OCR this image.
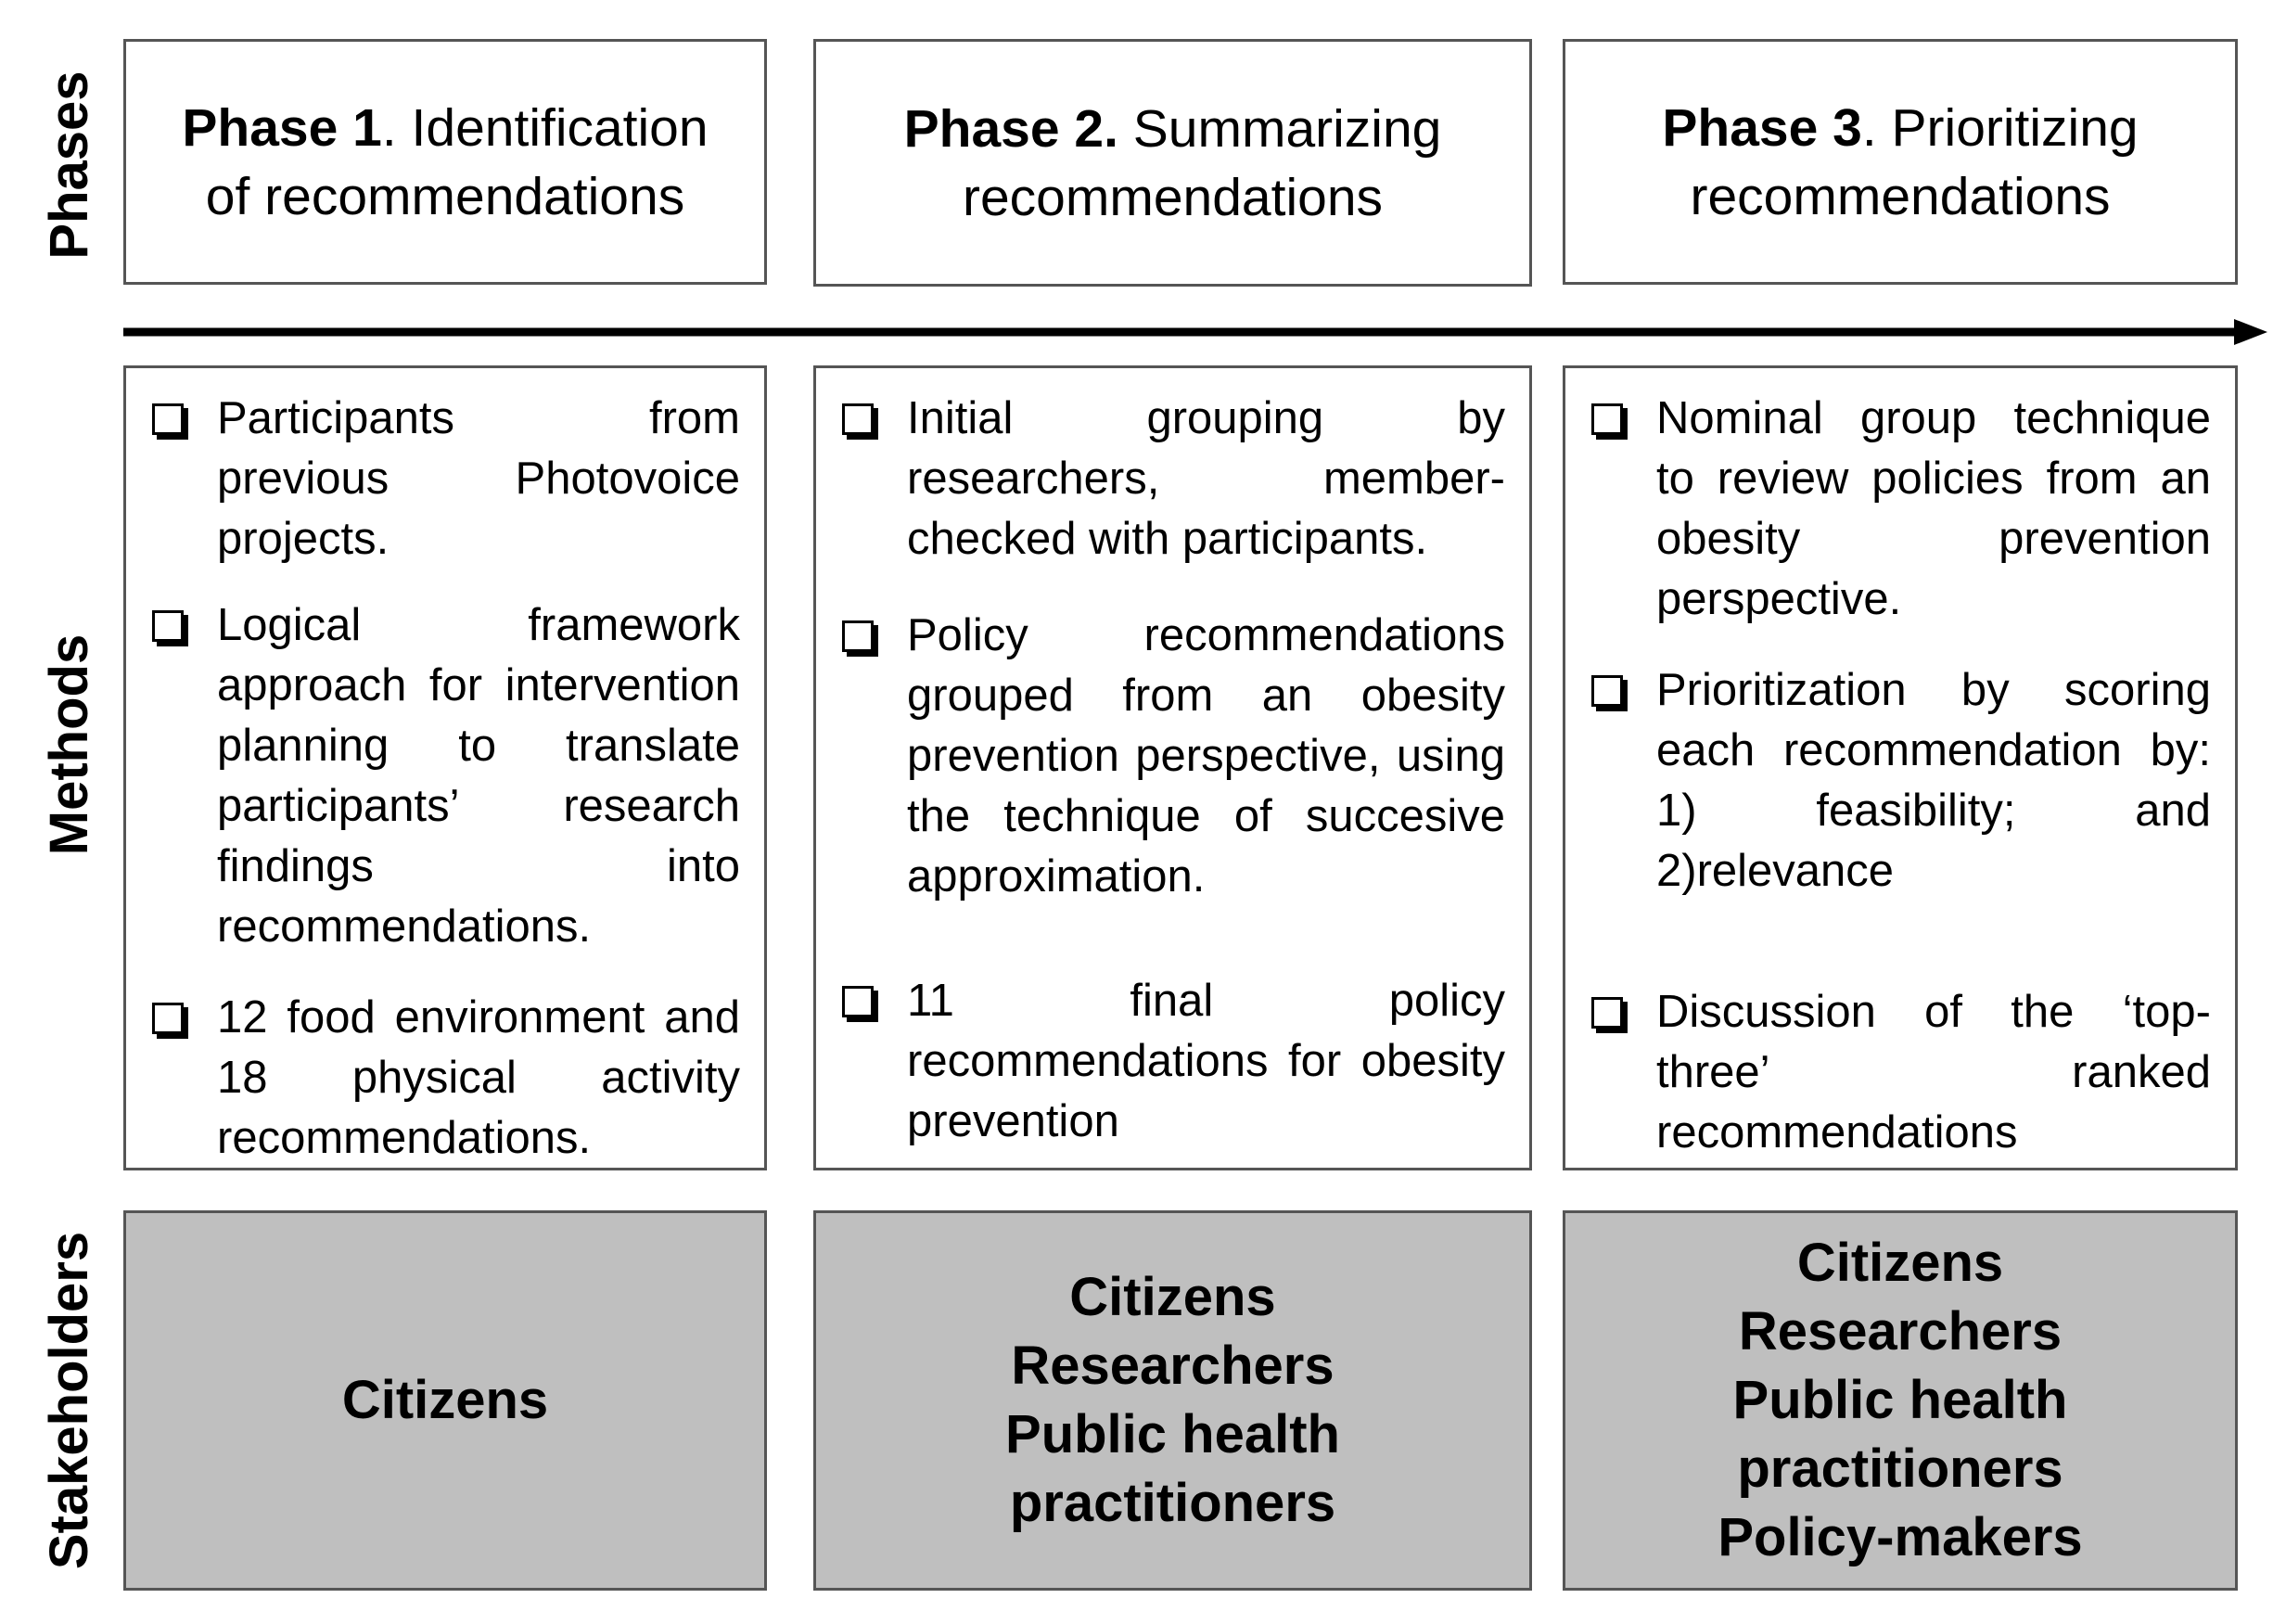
Phases
Methods
Stakeholders
Phase 1. Identification of recommendations
Phase 2. Summarizing recommendations
Phase 3. Prioritizing recommendations
Participants from previous Photovoice projects.
Logical framework approach for intervention planning to translate participants’ research findings into recommendations.
12 food environment and 18 physical activity recommendations.
Initial grouping by researchers, member-checked with participants.
Policy recommendations grouped from an obesity prevention perspective, using the technique of succesive approximation.
11 final policy recommendations for obesity prevention
Nominal group technique to review policies from an obesity prevention perspective.
Prioritization by scoring each recommendation by: 1) feasibility; and 2)relevance
Discussion of the ‘top-three’ ranked recommendations
Citizens
Citizens
Researchers
Public health
practitioners
Citizens
Researchers
Public health
practitioners
Policy-makers
